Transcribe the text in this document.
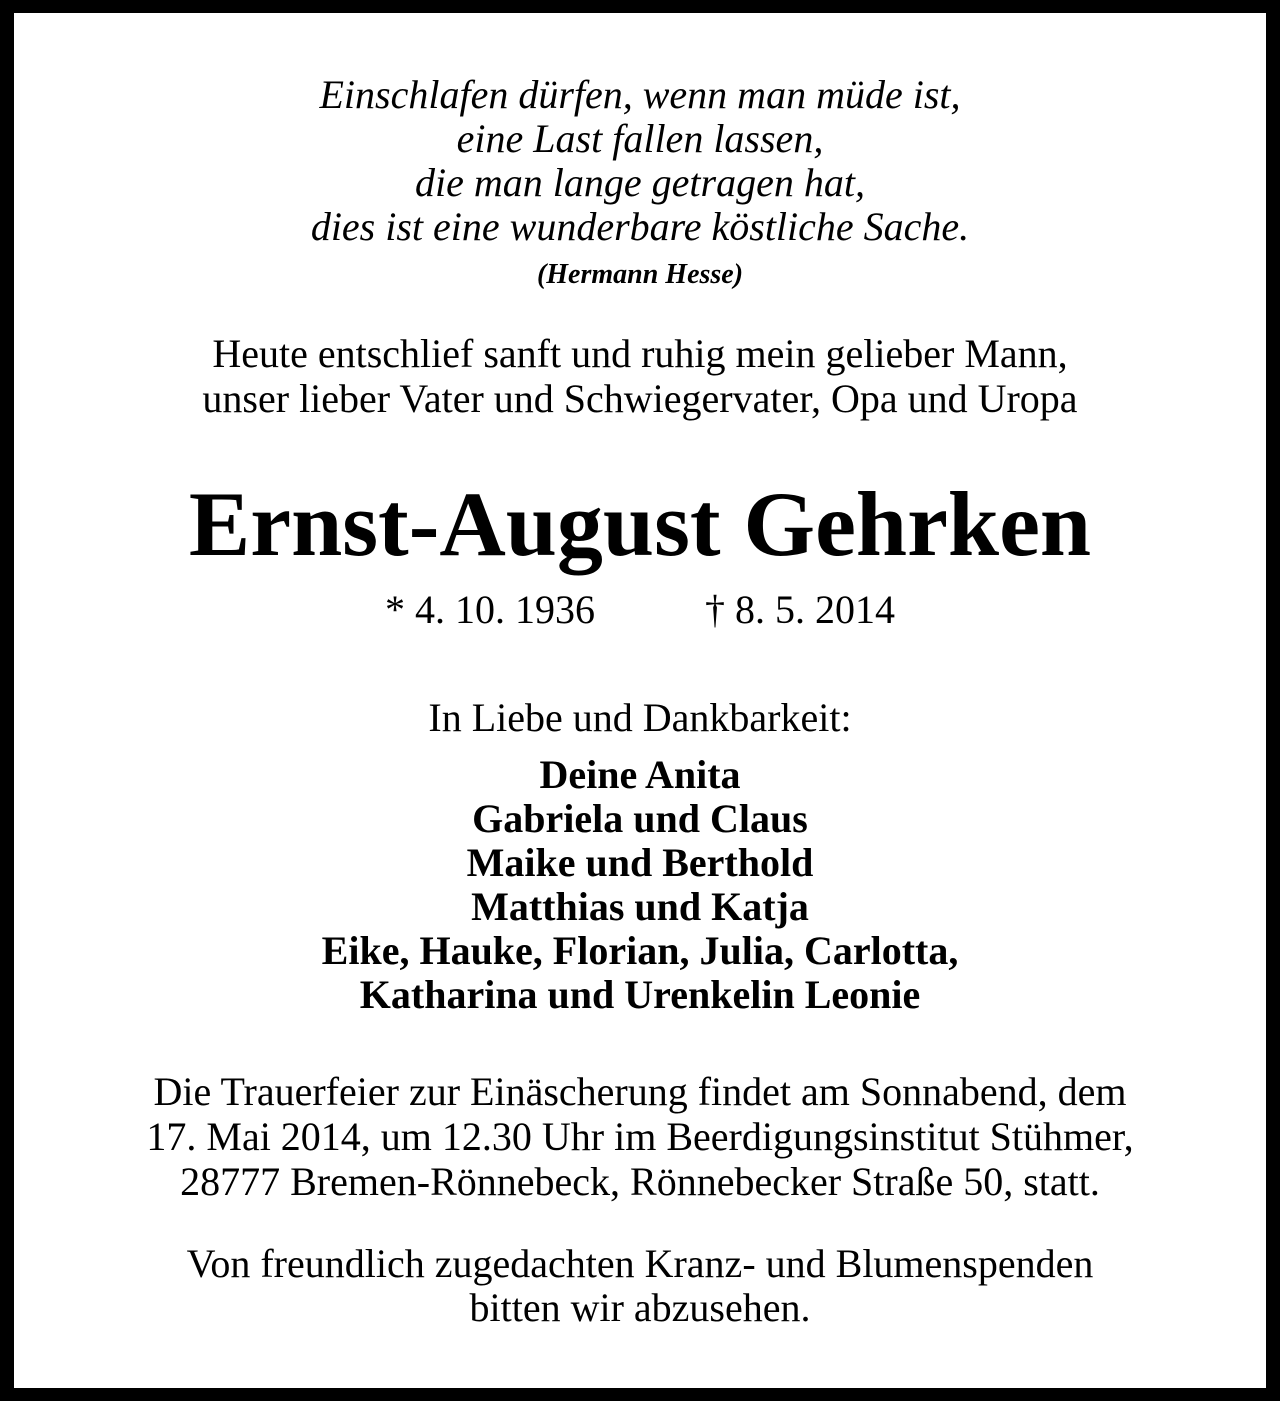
Einschlafen dürfen, wenn man müde ist,
eine Last fallen lassen,
die man lange getragen hat,
dies ist eine wunderbare köstliche Sache.
(Hermann Hesse)
Heute entschlief sanft und ruhig mein gelieber Mann,
unser lieber Vater und Schwiegervater, Opa und Uropa
Ernst-August Gehrken
* 4. 10. 1936	† 8. 5. 2014
In Liebe und Dankbarkeit:
Deine Anita
Gabriela und Claus
Maike und Berthold
Matthias und Katja
Eike, Hauke, Florian, Julia, Carlotta,
Katharina und Urenkelin Leonie
Die Trauerfeier zur Einäscherung findet am Sonnabend, dem
17. Mai 2014, um 12.30 Uhr im Beerdigungsinstitut Stühmer,
28777 Bremen-Rönnebeck, Rönnebecker Straße 50, statt.
Von freundlich zugedachten Kranz- und Blumenspenden
bitten wir abzusehen.
